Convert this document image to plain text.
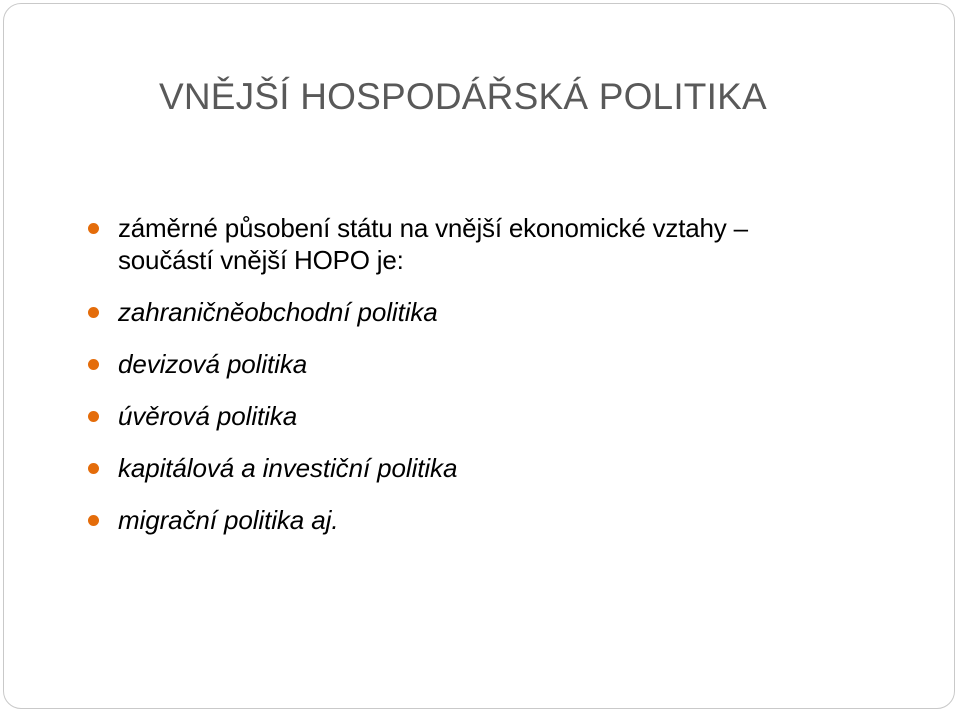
VNĚJŠÍ HOSPODÁŘSKÁ POLITIKA
záměrné působení státu na vnější ekonomické vztahy –
součástí vnější HOPO je:
zahraničněobchodní politika
devizová politika
úvěrová politika
kapitálová a investiční politika
migrační politika aj.
